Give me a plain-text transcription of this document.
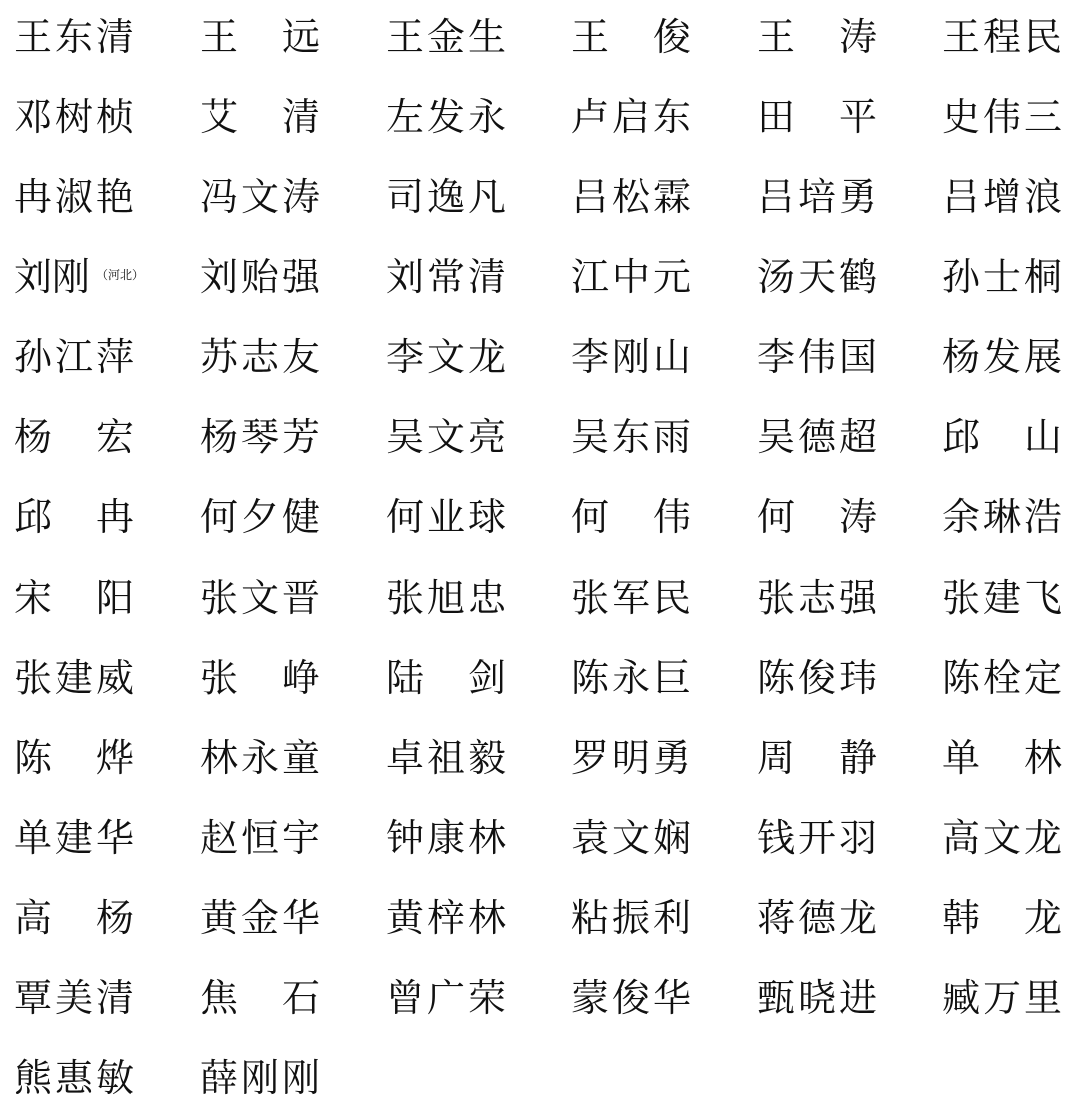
王 东 清 王 远 王 金 生 王 俊 王 涛 王 程 民
邓 树 桢 艾 清 左 发 永 卢 启 东 田 平 史 伟 三
冉 淑 艳 冯 文 涛 司 逸 凡 吕 松 霖 吕 培 勇 吕 增 浪
刘刚 （河北） 刘 贻 强 刘 常 清 江 中 元 汤 天 鹤 孙 士 桐
孙 江 萍 苏 志 友 李 文 龙 李 刚 山 李 伟 国 杨 发 展
杨 宏 杨 琴 芳 吴 文 亮 吴 东 雨 吴 德 超 邱 山
邱 冉 何 夕 健 何 业 球 何 伟 何 涛 余 琳 浩
宋 阳 张 文 晋 张 旭 忠 张 军 民 张 志 强 张 建 飞
张 建 威 张 峥 陆 剑 陈 永 巨 陈 俊 玮 陈 栓 定
陈 烨 林 永 童 卓 祖 毅 罗 明 勇 周 静 单 林
单 建 华 赵 恒 宇 钟 康 林 袁 文 娴 钱 开 羽 高 文 龙
高 杨 黄 金 华 黄 梓 林 粘 振 利 蒋 德 龙 韩 龙
覃 美 清 焦 石 曾 广 荣 蒙 俊 华 甄 晓 进 臧 万 里
熊 惠 敏 薛 刚 刚
